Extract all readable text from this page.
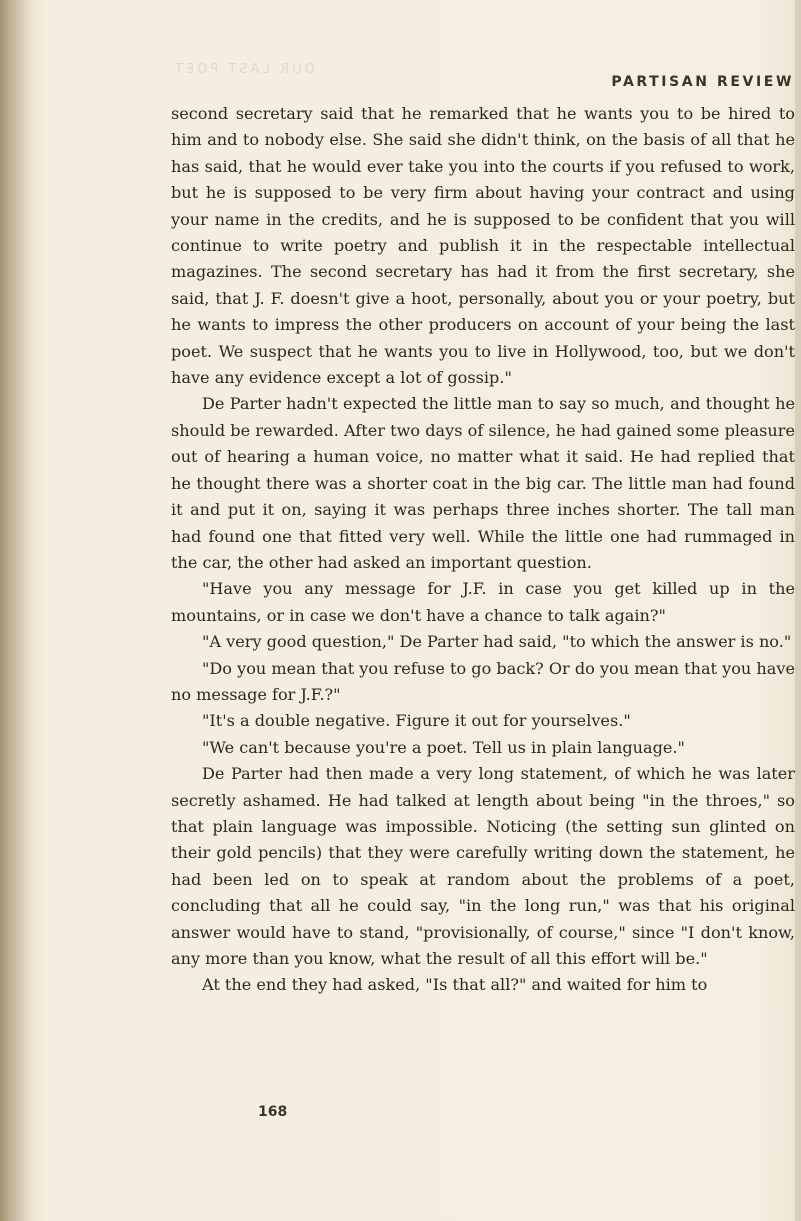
OUR LAST POET
PARTISAN REVIEW

second secretary said that he remarked that he wants you to be hired to him and to nobody else. She said she didn't think, on the basis of all that he has said, that he would ever take you into the courts if you refused to work, but he is supposed to be very firm about having your contract and using your name in the credits, and he is supposed to be confident that you will continue to write poetry and publish it in the respectable intellectual magazines. The second secretary has had it from the first secretary, she said, that J. F. doesn't give a hoot, personally, about you or your poetry, but he wants to impress the other producers on account of your being the last poet. We suspect that he wants you to live in Hollywood, too, but we don't have any evidence except a lot of gossip."

De Parter hadn't expected the little man to say so much, and thought he should be rewarded. After two days of silence, he had gained some pleasure out of hearing a human voice, no matter what it said. He had replied that he thought there was a shorter coat in the big car. The little man had found it and put it on, saying it was perhaps three inches shorter. The tall man had found one that fitted very well. While the little one had rummaged in the car, the other had asked an important question.

"Have you any message for J.F. in case you get killed up in the mountains, or in case we don't have a chance to talk again?"

"A very good question," De Parter had said, "to which the answer is no."

"Do you mean that you refuse to go back? Or do you mean that you have no message for J.F.?"

"It's a double negative. Figure it out for yourselves."

"We can't because you're a poet. Tell us in plain language."

De Parter had then made a very long statement, of which he was later secretly ashamed. He had talked at length about being "in the throes," so that plain language was impossible. Noticing (the setting sun glinted on their gold pencils) that they were carefully writing down the statement, he had been led on to speak at random about the problems of a poet, concluding that all he could say, "in the long run," was that his original answer would have to stand, "provisionally, of course," since "I don't know, any more than you know, what the result of all this effort will be."

At the end they had asked, "Is that all?" and waited for him to

168
